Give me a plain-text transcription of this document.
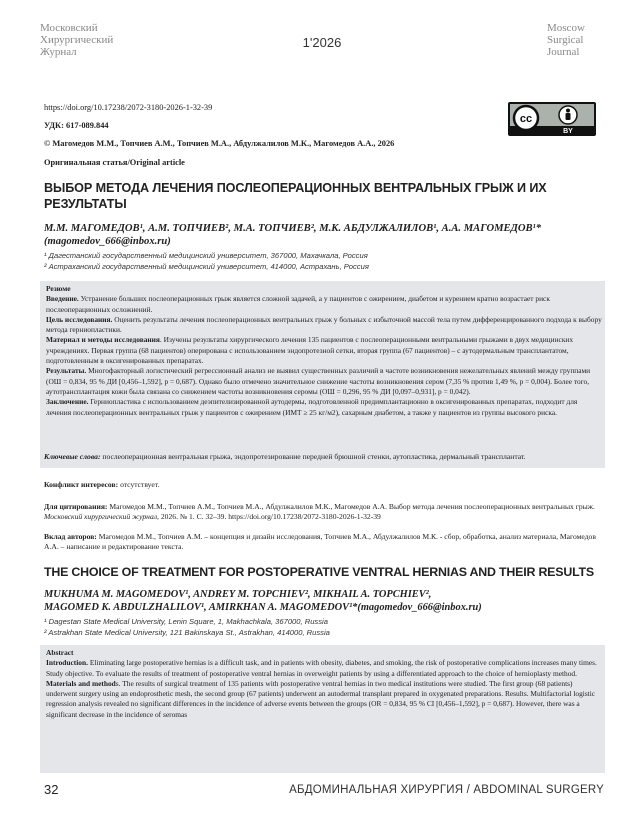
Московский
Хирургический
Журнал
1'2026
Moscow
Surgical
Journal
https://doi.org/10.17238/2072-3180-2026-1-32-39
УДК: 617-089.844
© Магомедов М.М., Топчиев А.М., Топчиев М.А., Абдулжалилов М.К., Магомедов А.А., 2026
Оригинальная статья/Original article
cc
BY
ВЫБОР МЕТОДА ЛЕЧЕНИЯ ПОСЛЕОПЕРАЦИОННЫХ ВЕНТРАЛЬНЫХ ГРЫЖ И ИХ РЕЗУЛЬТАТЫ
М.М. МАГОМЕДОВ¹, А.М. ТОПЧИЕВ², М.А. ТОПЧИЕВ², М.К. АБДУЛЖАЛИЛОВ¹, А.А. МАГОМЕДОВ¹* (magomedov_666@inbox.ru)
¹ Дагестанский государственный медицинский университет, 367000, Махачкала, Россия
² Астраханский государственный медицинский университет, 414000, Астрахань, Россия
Резюме
Введение. Устранение больших послеоперационных грыж является сложной задачей, а у пациентов с ожирением, диабетом и курением кратно возрастает риск послеоперационных осложнений.
Цель исследования. Оценить результаты лечения послеоперационных вентральных грыж у больных с избыточной массой тела путем дифференцированного подхода к выбору метода герниопластики.
Материал и методы исследования. Изучены результаты хирургического лечения 135 пациентов с послеоперационными вентральными грыжами в двух медицинских учреждениях. Первая группа (68 пациентов) оперирована с использованием эндопротезной сетки, вторая группа (67 пациентов) – с аутодермальным трансплантатом, подготовленным в оксигенированных препаратах.
Результаты. Многофакторный логистический регрессионный анализ не выявил существенных различий в частоте возникновения нежелательных явлений между группами (ОШ = 0,834, 95 % ДИ [0,456–1,592], p = 0,687). Однако было отмечено значительное снижение частоты возникновения сером (7,35 % против 1,49 %, p = 0,004). Более того, аутотрансплантация кожи была связана со снижением частоты возникновения серомы (ОШ = 0,296, 95 % ДИ [0,097–0,931], p = 0,042).
Заключение. Герниопластика с использованием деэпителизированной аутодермы, подготовленной предимплантационно в оксигенированных препаратах, подходит для лечения послеоперационных вентральных грыж у пациентов с ожирением (ИМТ ≥ 25 кг/м2), сахарным диабетом, а также у пациентов из группы высокого риска.
Ключевые слова: послеоперационная вентральная грыжа, эндопротезирование передней брюшной стенки, аутопластика, дермальный трансплантат.
Конфликт интересов: отсутствует.
Для цитирования: Магомедов М.М., Топчиев А.М., Топчиев М.А., Абдулжалилов М.К., Магомедов А.А. Выбор метода лечения послеоперационных вентральных грыж. Московский хирургический журнал, 2026. № 1. С. 32–39. https://doi.org/10.17238/2072-3180-2026-1-32-39
Вклад авторов: Магомедов М.М., Топчиев А.М. – концепция и дизайн исследования, Топчиев М.А., Абдулжалилов М.К. - сбор, обработка, анализ материала, Магомедов А.А. – написание и редактирование текста.
THE CHOICE OF TREATMENT FOR POSTOPERATIVE VENTRAL HERNIAS AND THEIR RESULTS
MUKHUMA M. MAGOMEDOV¹, ANDREY M. TOPCHIEV², MIKHAIL A. TOPCHIEV²,
MAGOMED K. ABDULZHALILOV¹, AMIRKHAN A. MAGOMEDOV¹*(magomedov_666@inbox.ru)
¹ Dagestan State Medical University, Lenin Square, 1, Makhachkala, 367000, Russia
² Astrakhan State Medical University, 121 Bakinskaya St., Astrakhan, 414000, Russia
Abstract
Introduction. Eliminating large postoperative hernias is a difficult task, and in patients with obesity, diabetes, and smoking, the risk of postoperative complications increases many times.
Study objective. To evaluate the results of treatment of postoperative ventral hernias in overweight patients by using a differentiated approach to the choice of hernioplasty method.
Materials and methods. The results of surgical treatment of 135 patients with postoperative ventral hernias in two medical institutions were studied. The first group (68 patients) underwent surgery using an endoprosthetic mesh, the second group (67 patients) underwent an autodermal transplant prepared in oxygenated preparations. Results. Multifactorial logistic regression analysis revealed no significant differences in the incidence of adverse events between the groups (OR = 0,834, 95 % CI [0,456–1,592], p = 0,687). However, there was a significant decrease in the incidence of seromas
32	АБДОМИНАЛЬНАЯ ХИРУРГИЯ / ABDOMINAL SURGERY
